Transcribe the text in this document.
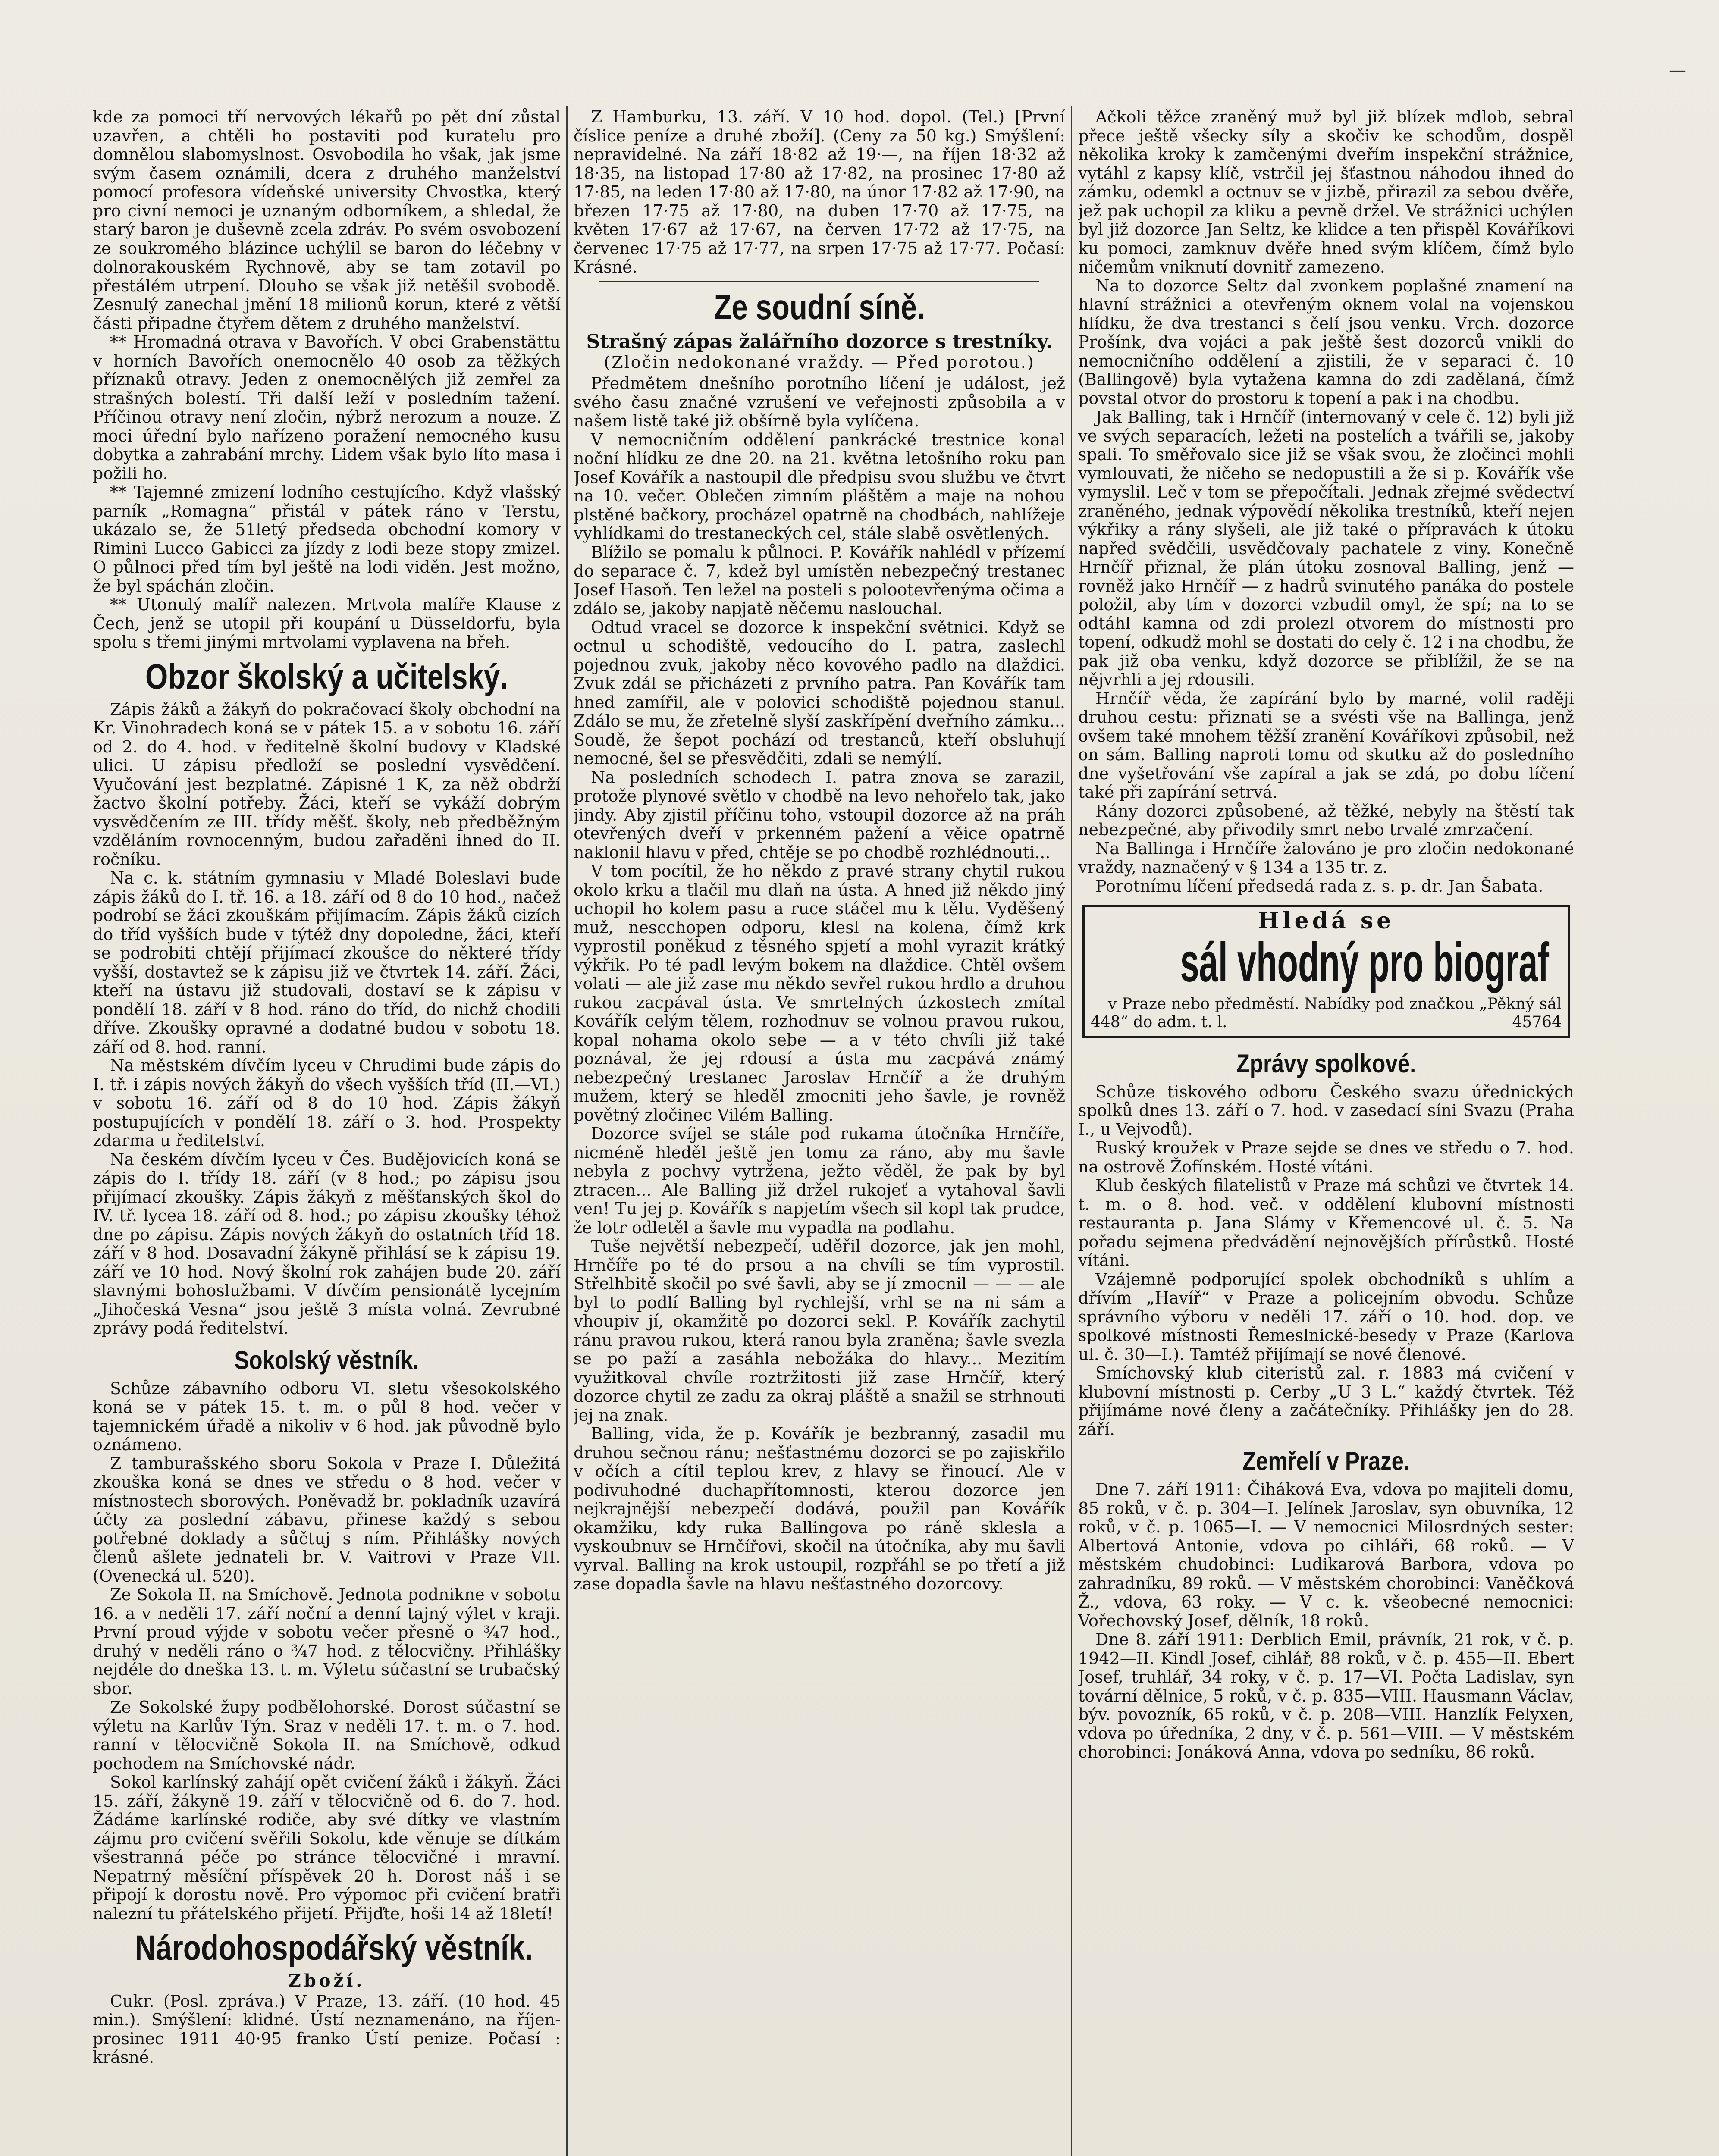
—

kde za pomoci tří nervových lékařů po pět dní zůstal uzavřen, a chtěli ho postaviti pod kuratelu pro domnělou slabomyslnost. Osvobodila ho však, jak jsme svým časem oznámili, dcera z druhého manželství pomocí profesora vídeňské university Chvostka, který pro civní nemoci je uznaným odborníkem, a shledal, že starý baron je duševně zcela zdráv. Po svém osvobození ze soukromého blázince uchýlil se baron do léčebny v dolnorakouském Rychnově, aby se tam zotavil po přestálém utrpení. Dlouho se však již netěšil svobodě. Zesnulý zanechal jmění 18 milionů korun, které z větší části připadne čtyřem dětem z druhého manželství.

** Hromadná otrava v Bavořích. V obci Grabenstättu v horních Bavořích onemocnělo 40 osob za těžkých příznaků otravy. Jeden z onemocnělých již zemřel za strašných bolestí. Tři další leží v posledním tažení. Příčinou otravy není zločin, nýbrž nerozum a nouze. Z moci úřední bylo nařízeno poražení nemocného kusu dobytka a zahrabání mrchy. Lidem však bylo líto masa i požili ho.

** Tajemné zmizení lodního cestujícího. Když vlašský parník „Romagna“ přistál v pátek ráno v Terstu, ukázalo se, že 51letý předseda obchodní komory v Rimini Lucco Gabicci za jízdy z lodi beze stopy zmizel. O půlnoci před tím byl ještě na lodi viděn. Jest možno, že byl spáchán zločin.

** Utonulý malíř nalezen. Mrtvola malíře Klause z Čech, jenž se utopil při koupání u Düsseldorfu, byla spolu s třemi jinými mrtvolami vyplavena na břeh.

Obzor školský a učitelský.

Zápis žáků a žákyň do pokračovací školy obchodní na Kr. Vinohradech koná se v pátek 15. a v sobotu 16. září od 2. do 4. hod. v ředitelně školní budovy v Kladské ulici. U zápisu předloží se poslední vysvědčení. Vyučování jest bezplatné. Zápisné 1 K, za něž obdrží žactvo školní potřeby. Žáci, kteří se vykáží dobrým vysvědčením ze III. třídy měšť. školy, neb předběžným vzděláním rovnocenným, budou zařaděni ihned do II. ročníku.

Na c. k. státním gymnasiu v Mladé Boleslavi bude zápis žáků do I. tř. 16. a 18. září od 8 do 10 hod., načež podrobí se žáci zkouškám přijímacím. Zápis žáků cizích do tříd vyšších bude v týtéž dny dopoledne, žáci, kteří se podrobiti chtějí přijímací zkoušce do některé třídy vyšší, dostavtež se k zápisu již ve čtvrtek 14. září. Žáci, kteří na ústavu již studovali, dostaví se k zápisu v pondělí 18. září v 8 hod. ráno do tříd, do nichž chodili dříve. Zkoušky opravné a dodatné budou v sobotu 18. září od 8. hod. ranní.

Na městském dívčím lyceu v Chrudimi bude zápis do I. tř. i zápis nových žákyň do všech vyšších tříd (II.—VI.) v sobotu 16. září od 8 do 10 hod. Zápis žákyň postupujících v pondělí 18. září o 3. hod. Prospekty zdarma u ředitelství.

Na českém dívčím lyceu v Čes. Budějovicích koná se zápis do I. třídy 18. září (v 8 hod.; po zápisu jsou přijímací zkoušky. Zápis žákyň z měšťanských škol do IV. tř. lycea 18. září od 8. hod.; po zápisu zkoušky téhož dne po zápisu. Zápis nových žákyň do ostatních tříd 18. září v 8 hod. Dosavadní žákyně přihlásí se k zápisu 19. září ve 10 hod. Nový školní rok zahájen bude 20. září slavnými bohoslužbami. V dívčím pensionátě lycejním „Jihočeská Vesna“ jsou ještě 3 místa volná. Zevrubné zprávy podá ředitelství.

Sokolský věstník.

Schůze zábavního odboru VI. sletu všesokolského koná se v pátek 15. t. m. o půl 8 hod. večer v tajemnickém úřadě a nikoliv v 6 hod. jak původně bylo oznámeno.

Z tamburašského sboru Sokola v Praze I. Důležitá zkouška koná se dnes ve středu o 8 hod. večer v místnostech sborových. Poněvadž br. pokladník uzavírá účty za poslední zábavu, přinese každý s sebou potřebné doklady a sůčtuj s ním. Přihlášky nových členů ašlete jednateli br. V. Vaitrovi v Praze VII. (Ovenecká ul. 520).

Ze Sokola II. na Smíchově. Jednota podnikne v sobotu 16. a v neděli 17. září noční a denní tajný výlet v kraji. První proud výjde v sobotu večer přesně o ¾7 hod., druhý v neděli ráno o ¾7 hod. z tělocvičny. Přihlášky nejdéle do dneška 13. t. m. Výletu súčastní se trubačský sbor.

Ze Sokolské župy podbělohorské. Dorost súčastní se výletu na Karlův Týn. Sraz v neděli 17. t. m. o 7. hod. ranní v tělocvičně Sokola II. na Smíchově, odkud pochodem na Smíchovské nádr.

Sokol karlínský zahájí opět cvičení žáků i žákyň. Žáci 15. září, žákyně 19. září v tělocvičně od 6. do 7. hod. Žádáme karlínské rodiče, aby své dítky ve vlastním zájmu pro cvičení svěřili Sokolu, kde věnuje se dítkám všestranná péče po stránce tělocvičné i mravní. Nepatrný měsíční příspěvek 20 h. Dorost náš i se připojí k dorostu nově. Pro výpomoc při cvičení bratři nalezní tu přátelského přijetí. Přijďte, hoši 14 až 18letí!

Národohospodářský věstník.
Zboží.

Cukr. (Posl. zpráva.) V Praze, 13. září. (10 hod. 45 min.). Smýšlení: klidné. Ústí neznamenáno, na říjen-prosinec 1911 40·95 franko Ústí penize. Počasí : krásné.

Z Hamburku, 13. září. V 10 hod. dopol. (Tel.) [První číslice peníze a druhé zboží]. (Ceny za 50 kg.) Smýšlení: nepravidelné. Na září 18·82 až 19·—, na říjen 18·32 až 18·35, na listopad 17·80 až 17·82, na prosinec 17·80 až 17·85, na leden 17·80 až 17·80, na únor 17·82 až 17·90, na březen 17·75 až 17·80, na duben 17·70 až 17·75, na květen 17·67 až 17·67, na červen 17·72 až 17·75, na červenec 17·75 až 17·77, na srpen 17·75 až 17·77. Počasí: Krásné.

Ze soudní síně.
Strašný zápas žalářního dozorce s trestníky.
(Zločin nedokonané vraždy. — Před porotou.)

Předmětem dnešního porotního líčení je událost, jež svého času značné vzrušení ve veřejnosti způsobila a v našem listě také již obšírně byla vylíčena.

V nemocničním oddělení pankrácké trestnice konal noční hlídku ze dne 20. na 21. května letošního roku pan Josef Kovářík a nastoupil dle předpisu svou službu ve čtvrt na 10. večer. Oblečen zimním pláštěm a maje na nohou plstěné bačkory, procházel opatrně na chodbách, nahlížeje vyhlídkami do trestaneckých cel, stále slabě osvětlených.

Blížilo se pomalu k půlnoci. P. Kovářík nahlédl v přízemí do separace č. 7, kdež byl umístěn nebezpečný trestanec Josef Hasoň. Ten ležel na posteli s polootevřenýma očima a zdálo se, jakoby napjatě něčemu naslouchal.

Odtud vracel se dozorce k inspekční světnici. Když se octnul u schodiště, vedoucího do I. patra, zaslechl pojednou zvuk, jakoby něco kovového padlo na dlaždici. Zvuk zdál se přicházeti z prvního patra. Pan Kovářík tam hned zamířil, ale v polovici schodiště pojednou stanul. Zdálo se mu, že zřetelně slyší zaskřípění dveřního zámku... Soudě, že šepot pochází od trestanců, kteří obsluhují nemocné, šel se přesvědčiti, zdali se nemýlí.

Na posledních schodech I. patra znova se zarazil, protože plynové světlo v chodbě na levo nehořelo tak, jako jindy. Aby zjistil příčinu toho, vstoupil dozorce až na práh otevřených dveří v prkenném pažení a věice opatrně naklonil hlavu v před, chtěje se po chodbě rozhlédnouti...

V tom pocítil, že ho někdo z pravé strany chytil rukou okolo krku a tlačil mu dlaň na ústa. A hned již někdo jiný uchopil ho kolem pasu a ruce stáčel mu k tělu. Vyděšený muž, nescchopen odporu, klesl na kolena, čímž krk vyprostil poněkud z těsného spjetí a mohl vyrazit krátký výkřik. Po té padl levým bokem na dlaždice. Chtěl ovšem volati — ale již zase mu někdo sevřel rukou hrdlo a druhou rukou zacpával ústa. Ve smrtelných úzkostech zmítal Kovářík celým tělem, rozhodnuv se volnou pravou rukou, kopal nohama okolo sebe — a v této chvíli již také poznával, že jej rdousí a ústa mu zacpává známý nebezpečný trestanec Jaroslav Hrnčíř a že druhým mužem, který se hleděl zmocniti jeho šavle, je rovněž povětný zločinec Vilém Balling.

Dozorce svíjel se stále pod rukama útočníka Hrnčíře, nicméně hleděl ještě jen tomu za ráno, aby mu šavle nebyla z pochvy vytržena, ježto věděl, že pak by byl ztracen... Ale Balling již držel rukojeť a vytahoval šavli ven! Tu jej p. Kovářík s napjetím všech sil kopl tak prudce, že lotr odletěl a šavle mu vypadla na podlahu.

Tuše největší nebezpečí, uděřil dozorce, jak jen mohl, Hrnčíře po té do prsou a na chvíli se tím vyprostil. Střelhbitě skočil po své šavli, aby se jí zmocnil — — — ale byl to podlí Balling byl rychlejší, vrhl se na ni sám a vhoupiv jí, okamžitě po dozorci sekl. P. Kovářík zachytil ránu pravou rukou, která ranou byla zraněna; šavle svezla se po paží a zasáhla nebožáka do hlavy... Mezitím využitkoval chvíle roztržitosti již zase Hrnčíř, který dozorce chytil ze zadu za okraj pláště a snažil se strhnouti jej na znak.

Balling, vida, že p. Kovářík je bezbranný, zasadil mu druhou sečnou ránu; nešťastnému dozorci se po zajiskřilo v očích a cítil teplou krev, z hlavy se řinoucí. Ale v podivuhodné duchapřítomnosti, kterou dozorce jen nejkrajnější nebezpečí dodává, použil pan Kovářík okamžiku, kdy ruka Ballingova po ráně sklesla a vyskoubnuv se Hrnčířovi, skočil na útočníka, aby mu šavli vyrval. Balling na krok ustoupil, rozpřáhl se po třetí a již zase dopadla šavle na hlavu nešťastného dozorcovy.

Ačkoli těžce zraněný muž byl již blízek mdlob, sebral přece ještě všecky síly a skočiv ke schodům, dospěl několika kroky k zamčenými dveřím inspekční strážnice, vytáhl z kapsy klíč, vstrčil jej šťastnou náhodou ihned do zámku, odemkl a octnuv se v jizbě, přirazil za sebou dvěře, jež pak uchopil za kliku a pevně držel. Ve strážnici uchýlen byl již dozorce Jan Seltz, ke klidce a ten přispěl Kováříkovi ku pomoci, zamknuv dvěře hned svým klíčem, čímž bylo ničemům vniknutí dovnitř zamezeno.

Na to dozorce Seltz dal zvonkem poplašné znamení na hlavní strážnici a otevřeným oknem volal na vojenskou hlídku, že dva trestanci s čelí jsou venku. Vrch. dozorce Prošínk, dva vojáci a pak ještě šest dozorců vnikli do nemocničního oddělení a zjistili, že v separaci č. 10 (Ballingově) byla vytažena kamna do zdi zadělaná, čímž povstal otvor do prostoru k topení a pak i na chodbu.

Jak Balling, tak i Hrnčíř (internovaný v cele č. 12) byli již ve svých separacích, ležeti na postelích a tvářili se, jakoby spali. To směřovalo sice již se však svou, že zločinci mohli vymlouvati, že ničeho se nedopustili a že si p. Kovářík vše vymyslil. Leč v tom se přepočítali. Jednak zřejmé svědectví zraněného, jednak výpovědí několika trestníků, kteří nejen výkřiky a rány slyšeli, ale již také o přípravách k útoku napřed svědčili, usvědčovaly pachatele z viny. Konečně Hrnčíř přiznal, že plán útoku zosnoval Balling, jenž — rovněž jako Hrnčíř — z hadrů svinutého panáka do postele položil, aby tím v dozorci vzbudil omyl, že spí; na to se odtáhl kamna od zdi prolezl otvorem do místnosti pro topení, odkudž mohl se dostati do cely č. 12 i na chodbu, že pak již oba venku, když dozorce se přiblížil, že se na nějvrhli a jej rdousili.

Hrnčíř věda, že zapírání bylo by marné, volil raději druhou cestu: přiznati se a svésti vše na Ballinga, jenž ovšem také mnohem těžší zranění Kováříkovi způsobil, než on sám. Balling naproti tomu od skutku až do posledního dne vyšetřování vše zapíral a jak se zdá, po dobu líčení také při zapírání setrvá.

Rány dozorci způsobené, až těžké, nebyly na štěstí tak nebezpečné, aby přivodily smrt nebo trvalé zmrzačení.

Na Ballinga i Hrnčíře žalováno je pro zločin nedokonané vraždy, naznačený v § 134 a 135 tr. z.

Porotnímu líčení předsedá rada z. s. p. dr. Jan Šabata.

Hledá se
sál vhodný pro biograf

v Praze nebo předměstí. Nabídky pod značkou „Pěkný sál 448“ do adm. t. l.	45764

Zprávy spolkové.

Schůze tiskového odboru Českého svazu úřednických spolků dnes 13. září o 7. hod. v zasedací síni Svazu (Praha I., u Vejvodů).

Ruský kroužek v Praze sejde se dnes ve středu o 7. hod. na ostrově Žofínském. Hosté vítáni.

Klub českých filatelistů v Praze má schůzi ve čtvrtek 14. t. m. o 8. hod. več. v oddělení klubovní místnosti restauranta p. Jana Slámy v Křemencové ul. č. 5. Na pořadu sejmena předvádění nejnovějších přírůstků. Hosté vítáni.

Vzájemně podporující spolek obchodníků s uhlím a dřívím „Havíř“ v Praze a policejním obvodu. Schůze správního výboru v neděli 17. září o 10. hod. dop. ve spolkové místnosti Řemeslnické-besedy v Praze (Karlova ul. č. 30—I.). Tamtéž přijímají se nové členové.

Smíchovský klub citeristů zal. r. 1883 má cvičení v klubovní místnosti p. Cerby „U 3 L.“ každý čtvrtek. Též přijímáme nové členy a začátečníky. Přihlášky jen do 28. září.

Zemřelí v Praze.

Dne 7. září 1911: Čiháková Eva, vdova po majiteli domu, 85 roků, v č. p. 304—I. Jelínek Jaroslav, syn obuvníka, 12 roků, v č. p. 1065—I. — V nemocnici Milosrdných sester: Albertová Antonie, vdova po cihláři, 68 roků. — V městském chudobinci: Ludikarová Barbora, vdova po zahradníku, 89 roků. — V městském chorobinci: Vaněčková Ž., vdova, 63 roky. — V c. k. všeobecné nemocnici: Vořechovský Josef, dělník, 18 roků.

Dne 8. září 1911: Derblich Emil, právník, 21 rok, v č. p. 1942—II. Kindl Josef, cihlář, 88 roků, v č. p. 455—II. Ebert Josef, truhlář, 34 roky, v č. p. 17—VI. Počta Ladislav, syn tovární dělnice, 5 roků, v č. p. 835—VIII. Hausmann Václav, býv. povozník, 65 roků, v č. p. 208—VIII. Hanzlík Felyxen, vdova po úředníka, 2 dny, v č. p. 561—VIII. — V městském chorobinci: Jonáková Anna, vdova po sedníku, 86 roků.
